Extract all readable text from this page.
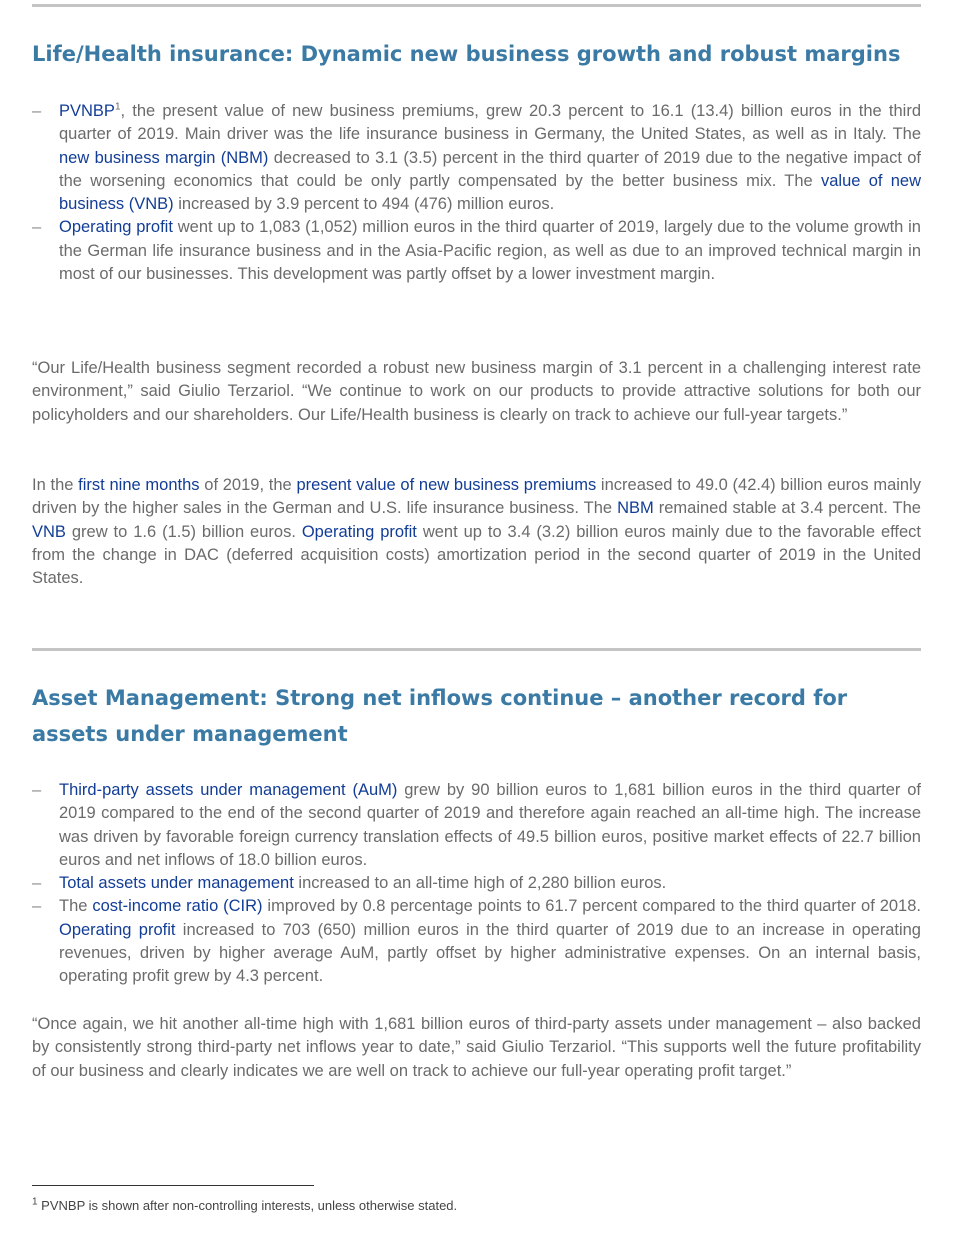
Life/Health insurance: Dynamic new business growth and robust margins
– PVNBP$^1$, the present value of new business premiums, grew 20.3 percent to 16.1 (13.4) billion euros in the third quarter of 2019. Main driver was the life insurance business in Germany, the United States, as well as in Italy. The new business margin (NBM) decreased to 3.1 (3.5) percent in the third quarter of 2019 due to the negative impact of the worsening economics that could be only partly compensated by the better business mix. The value of new business (VNB) increased by 3.9 percent to 494 (476) million euros.
– Operating profit went up to 1,083 (1,052) million euros in the third quarter of 2019, largely due to the volume growth in the German life insurance business and in the Asia-Pacific region, as well as due to an improved technical margin in most of our businesses. This development was partly offset by a lower investment margin.

“Our Life/Health business segment recorded a robust new business margin of 3.1 percent in a challenging interest rate environment,” said Giulio Terzariol. “We continue to work on our products to provide attractive solutions for both our policyholders and our shareholders. Our Life/Health business is clearly on track to achieve our full-year targets.”

In the first nine months of 2019, the present value of new business premiums increased to 49.0 (42.4) billion euros mainly driven by the higher sales in the German and U.S. life insurance business. The NBM remained stable at 3.4 percent. The VNB grew to 1.6 (1.5) billion euros. Operating profit went up to 3.4 (3.2) billion euros mainly due to the favorable effect from the change in DAC (deferred acquisition costs) amortization period in the second quarter of 2019 in the United States.

Asset Management: Strong net inflows continue – another record for assets under management
– Third-party assets under management (AuM) grew by 90 billion euros to 1,681 billion euros in the third quarter of 2019 compared to the end of the second quarter of 2019 and therefore again reached an all-time high. The increase was driven by favorable foreign currency translation effects of 49.5 billion euros, positive market effects of 22.7 billion euros and net inflows of 18.0 billion euros.
– Total assets under management increased to an all-time high of 2,280 billion euros.
– The cost-income ratio (CIR) improved by 0.8 percentage points to 61.7 percent compared to the third quarter of 2018. Operating profit increased to 703 (650) million euros in the third quarter of 2019 due to an increase in operating revenues, driven by higher average AuM, partly offset by higher administrative expenses. On an internal basis, operating profit grew by 4.3 percent.

“Once again, we hit another all-time high with 1,681 billion euros of third-party assets under management – also backed by consistently strong third-party net inflows year to date,” said Giulio Terzariol. “This supports well the future profitability of our business and clearly indicates we are well on track to achieve our full-year operating profit target.”

$^1$ PVNBP is shown after non-controlling interests, unless otherwise stated.
